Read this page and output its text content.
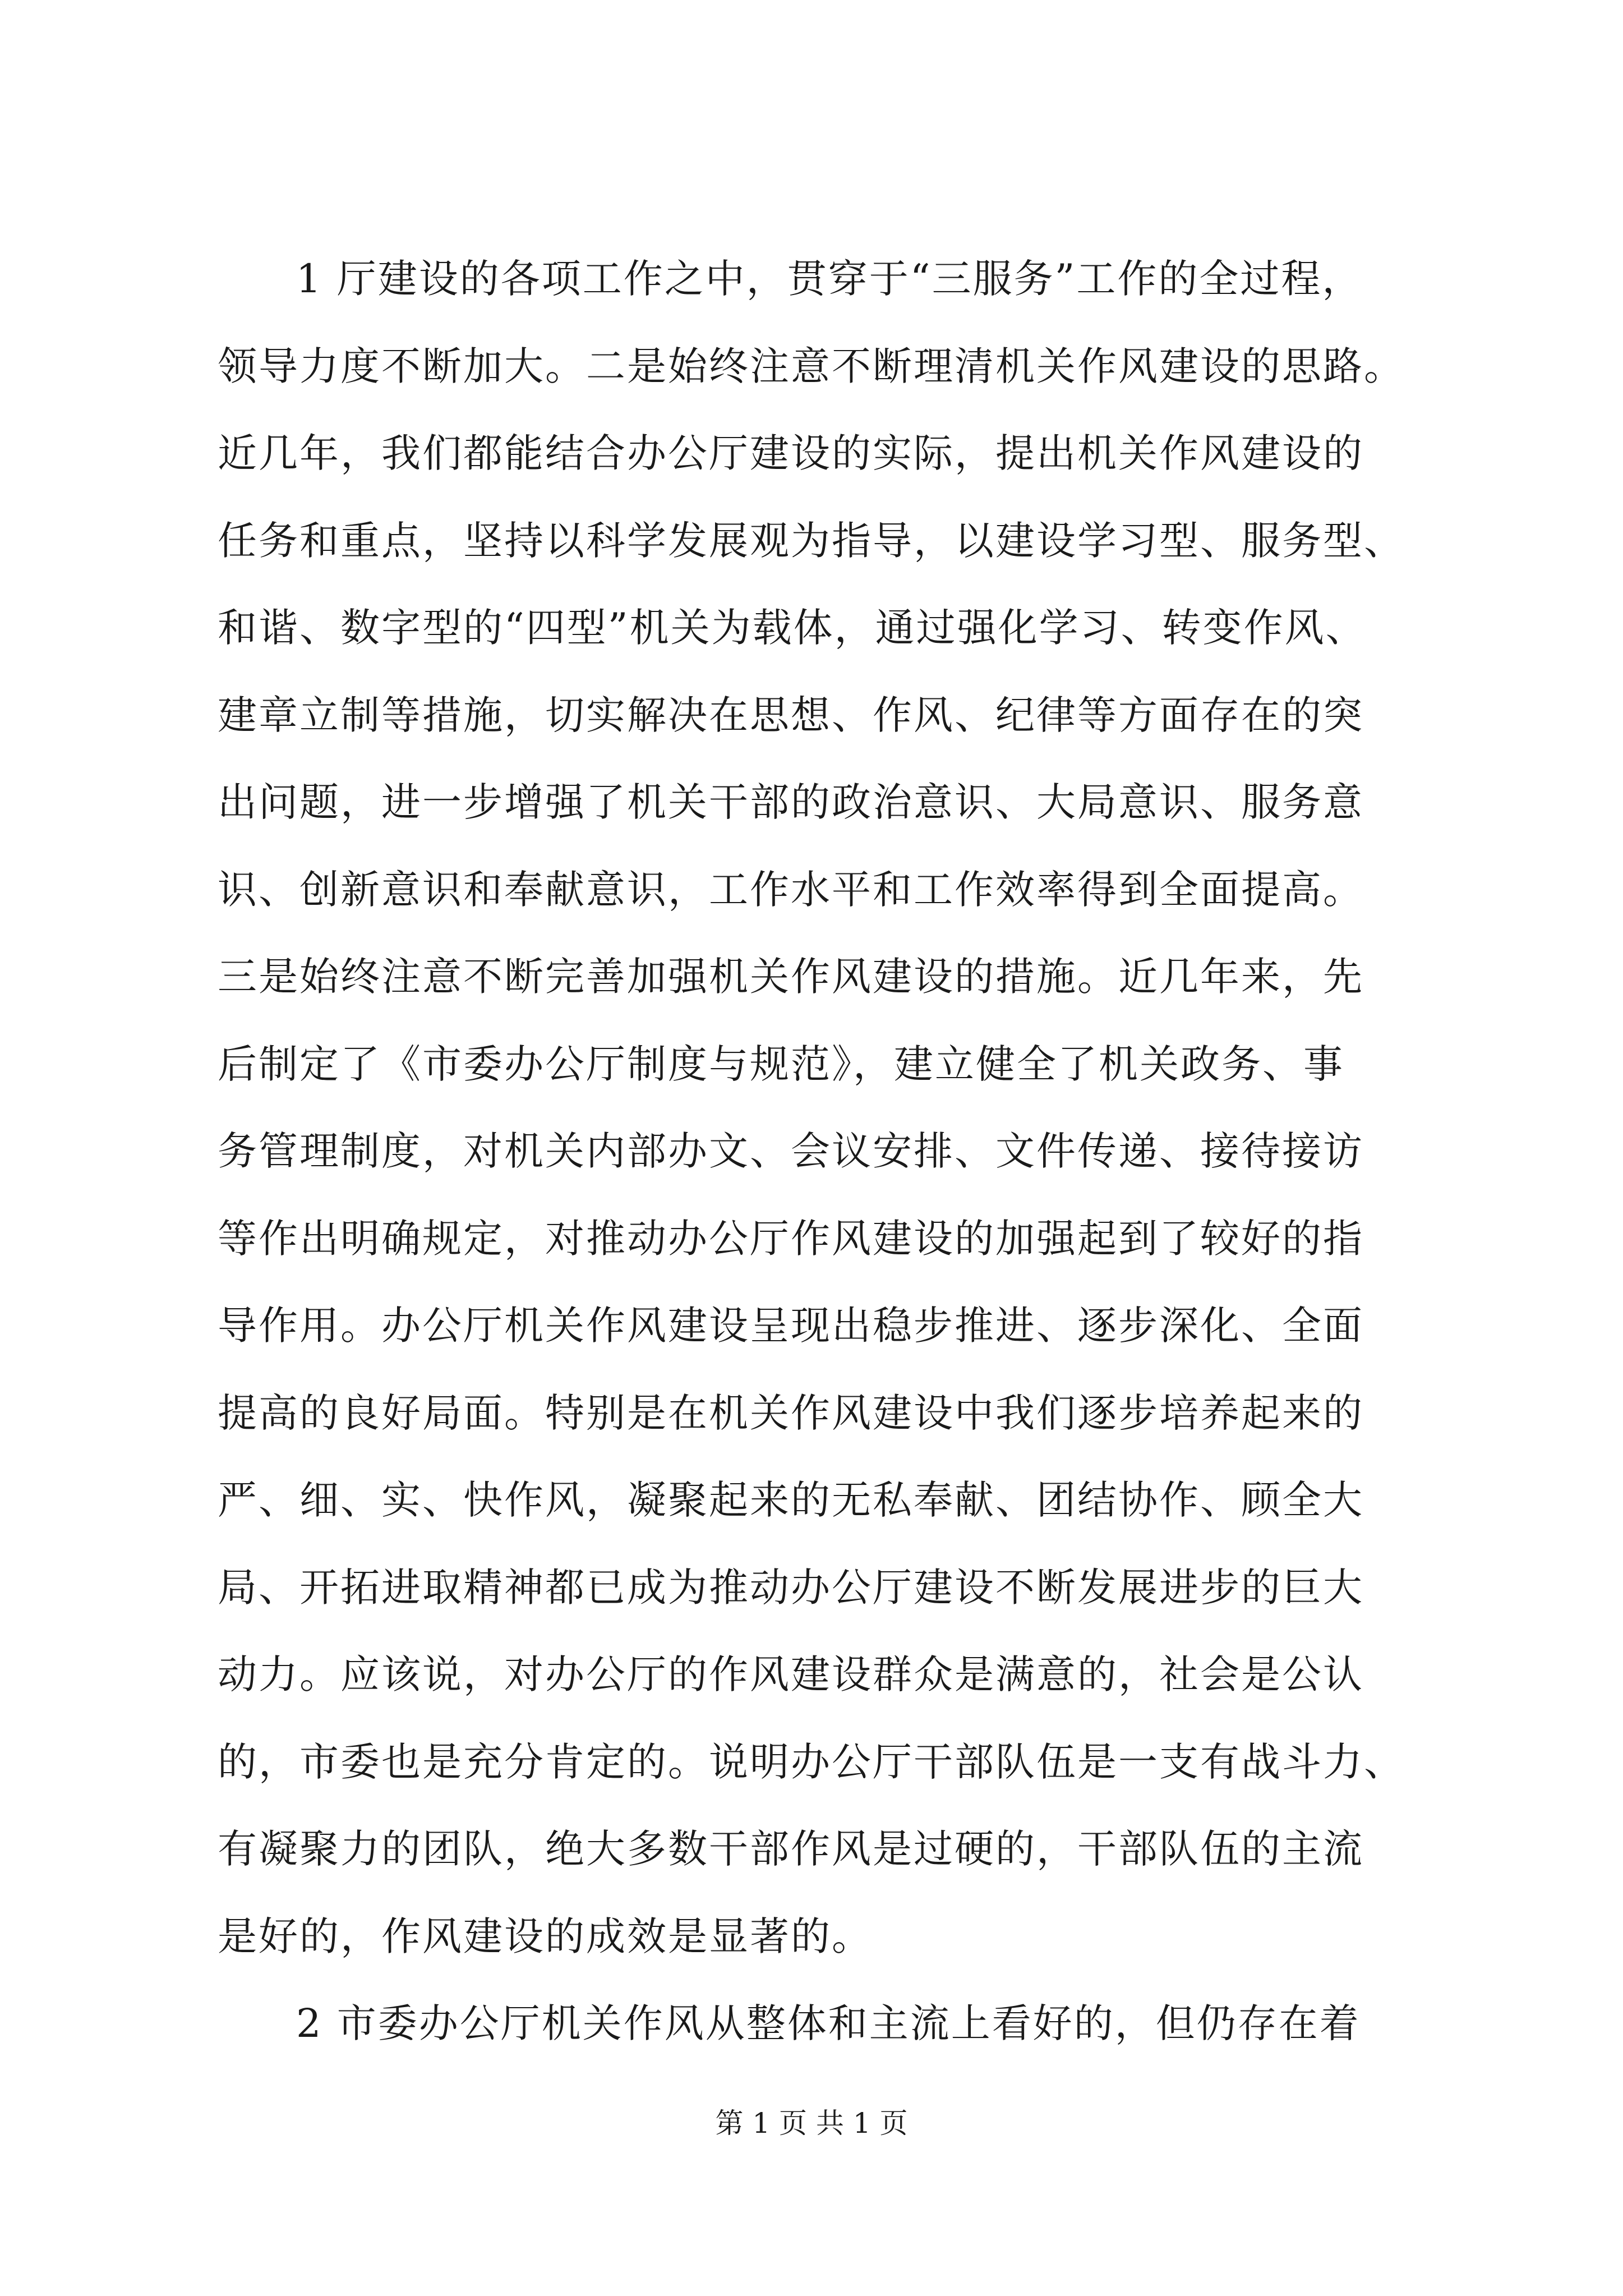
1 厅建设的各项工作之中，贯穿于“三服务”工作的全过程，
领导力度不断加大。二是始终注意不断理清机关作风建设的思路。
近几年，我们都能结合办公厅建设的实际，提出机关作风建设的
任务和重点，坚持以科学发展观为指导，以建设学习型、服务型、
和谐、数字型的“四型”机关为载体，通过强化学习、转变作风、
建章立制等措施，切实解决在思想、作风、纪律等方面存在的突
出问题，进一步增强了机关干部的政治意识、大局意识、服务意
识、创新意识和奉献意识，工作水平和工作效率得到全面提高。
三是始终注意不断完善加强机关作风建设的措施。近几年来，先
后制定了《市委办公厅制度与规范》，建立健全了机关政务、事
务管理制度，对机关内部办文、会议安排、文件传递、接待接访
等作出明确规定，对推动办公厅作风建设的加强起到了较好的指
导作用。办公厅机关作风建设呈现出稳步推进、逐步深化、全面
提高的良好局面。特别是在机关作风建设中我们逐步培养起来的
严、细、实、快作风，凝聚起来的无私奉献、团结协作、顾全大
局、开拓进取精神都已成为推动办公厅建设不断发展进步的巨大
动力。应该说，对办公厅的作风建设群众是满意的，社会是公认
的，市委也是充分肯定的。说明办公厅干部队伍是一支有战斗力、
有凝聚力的团队，绝大多数干部作风是过硬的，干部队伍的主流
是好的，作风建设的成效是显著的。
2 市委办公厅机关作风从整体和主流上看好的，但仍存在着
第 1 页 共 1 页
